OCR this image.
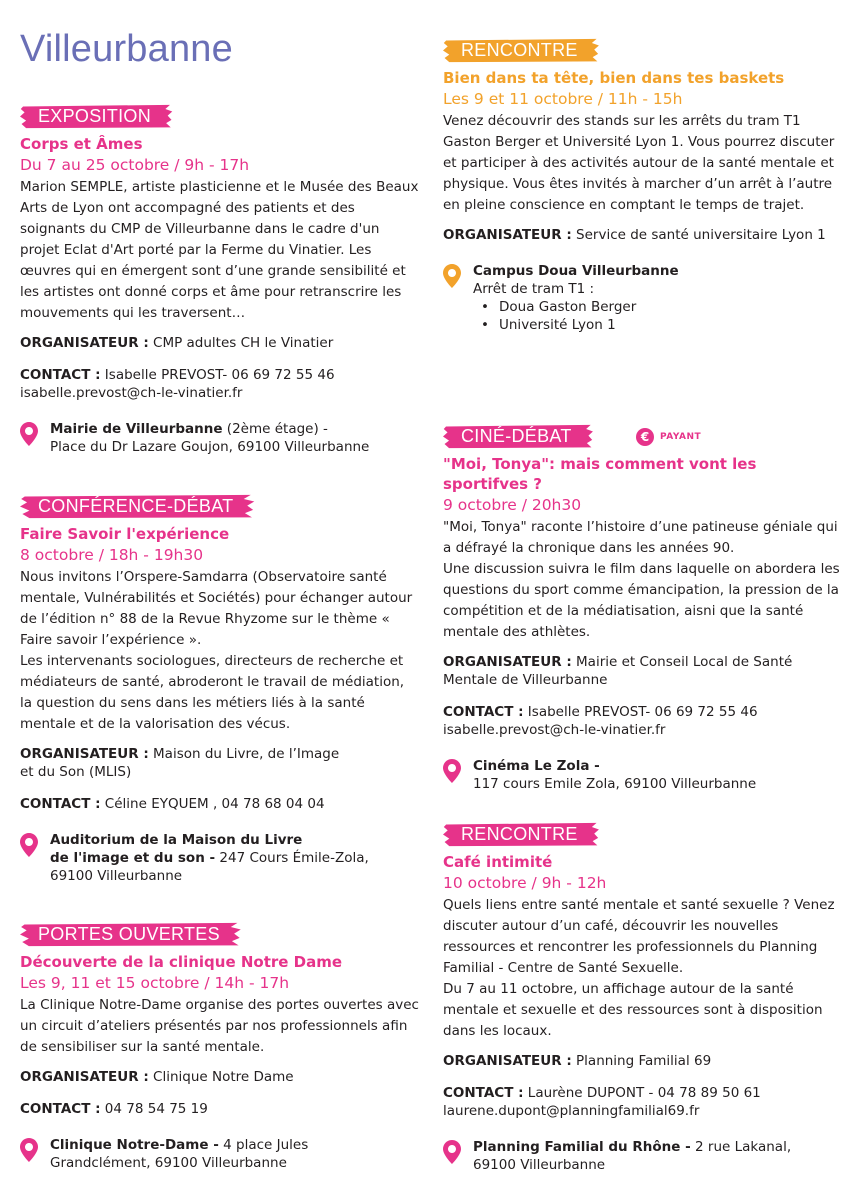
Villeurbanne
EXPOSITION
Corps et Âmes
Du 7 au 25 octobre / 9h - 17h

Marion SEMPLE, artiste plasticienne et le Musée des Beaux Arts de Lyon ont accompagné des patients et des soignants du CMP de Villeurbanne dans le cadre d'un projet Eclat d'Art porté par la Ferme du Vinatier. Les œuvres qui en émergent sont d’une grande sensibilité et les artistes ont donné corps et âme pour retranscrire les mouvements qui les traversent…

ORGANISATEUR : CMP adultes CH le Vinatier
CONTACT : Isabelle PREVOST- 06 69 72 55 46
isabelle.prevost@ch-le-vinatier.fr
Mairie de Villeurbanne (2ème étage) -
Place du Dr Lazare Goujon, 69100 Villeurbanne
CONFÉRENCE-DÉBAT
Faire Savoir l'expérience
8 octobre / 18h - 19h30

Nous invitons l’Orspere-Samdarra (Observatoire santé mentale, Vulnérabilités et Sociétés) pour échanger autour de l’édition n° 88 de la Revue Rhyzome sur le thème « Faire savoir l’expérience ».

Les intervenants sociologues, directeurs de recherche et médiateurs de santé, abroderont le travail de médiation, la question du sens dans les métiers liés à la santé mentale et de la valorisation des vécus.

ORGANISATEUR : Maison du Livre, de l’Image
et du Son (MLIS)
CONTACT : Céline EYQUEM , 04 78 68 04 04
Auditorium de la Maison du Livre
de l'image et du son - 247 Cours Émile-Zola,
69100 Villeurbanne
PORTES OUVERTES
Découverte de la clinique Notre Dame
Les 9, 11 et 15 octobre / 14h - 17h

La Clinique Notre-Dame organise des portes ouvertes avec un circuit d’ateliers présentés par nos professionnels afin de sensibiliser sur la santé mentale.

ORGANISATEUR : Clinique Notre Dame
CONTACT : 04 78 54 75 19
Clinique Notre-Dame - 4 place Jules
Grandclément, 69100 Villeurbanne
RENCONTRE
Bien dans ta tête, bien dans tes baskets
Les 9 et 11 octobre / 11h - 15h

Venez découvrir des stands sur les arrêts du tram T1 Gaston Berger et Université Lyon 1. Vous pourrez discuter et participer à des activités autour de la santé mentale et physique. Vous êtes invités à marcher d’un arrêt à l’autre en pleine conscience en comptant le temps de trajet.

ORGANISATEUR : Service de santé universitaire Lyon 1
Campus Doua Villeurbanne
Arrêt de tram T1 :
• Doua Gaston Berger
• Université Lyon 1
CINÉ-DÉBAT
"Moi, Tonya": mais comment vont les sportifves ?
9 octobre / 20h30

"Moi, Tonya" raconte l’histoire d’une patineuse géniale qui a défrayé la chronique dans les années 90.

Une discussion suivra le film dans laquelle on abordera les questions du sport comme émancipation, la pression de la compétition et de la médiatisation, aisni que la santé mentale des athlètes.

ORGANISATEUR : Mairie et Conseil Local de Santé
Mentale de Villeurbanne
CONTACT : Isabelle PREVOST- 06 69 72 55 46
isabelle.prevost@ch-le-vinatier.fr
Cinéma Le Zola -
117 cours Emile Zola, 69100 Villeurbanne
€	PAYANT
RENCONTRE
Café intimité
10 octobre / 9h - 12h

Quels liens entre santé mentale et santé sexuelle ? Venez discuter autour d’un café, découvrir les nouvelles ressources et rencontrer les professionnels du Planning Familial - Centre de Santé Sexuelle.

Du 7 au 11 octobre, un affichage autour de la santé mentale et sexuelle et des ressources sont à disposition dans les locaux.

ORGANISATEUR : Planning Familial 69
CONTACT : Laurène DUPONT - 04 78 89 50 61
laurene.dupont@planningfamilial69.fr
Planning Familial du Rhône - 2 rue Lakanal,
69100 Villeurbanne
